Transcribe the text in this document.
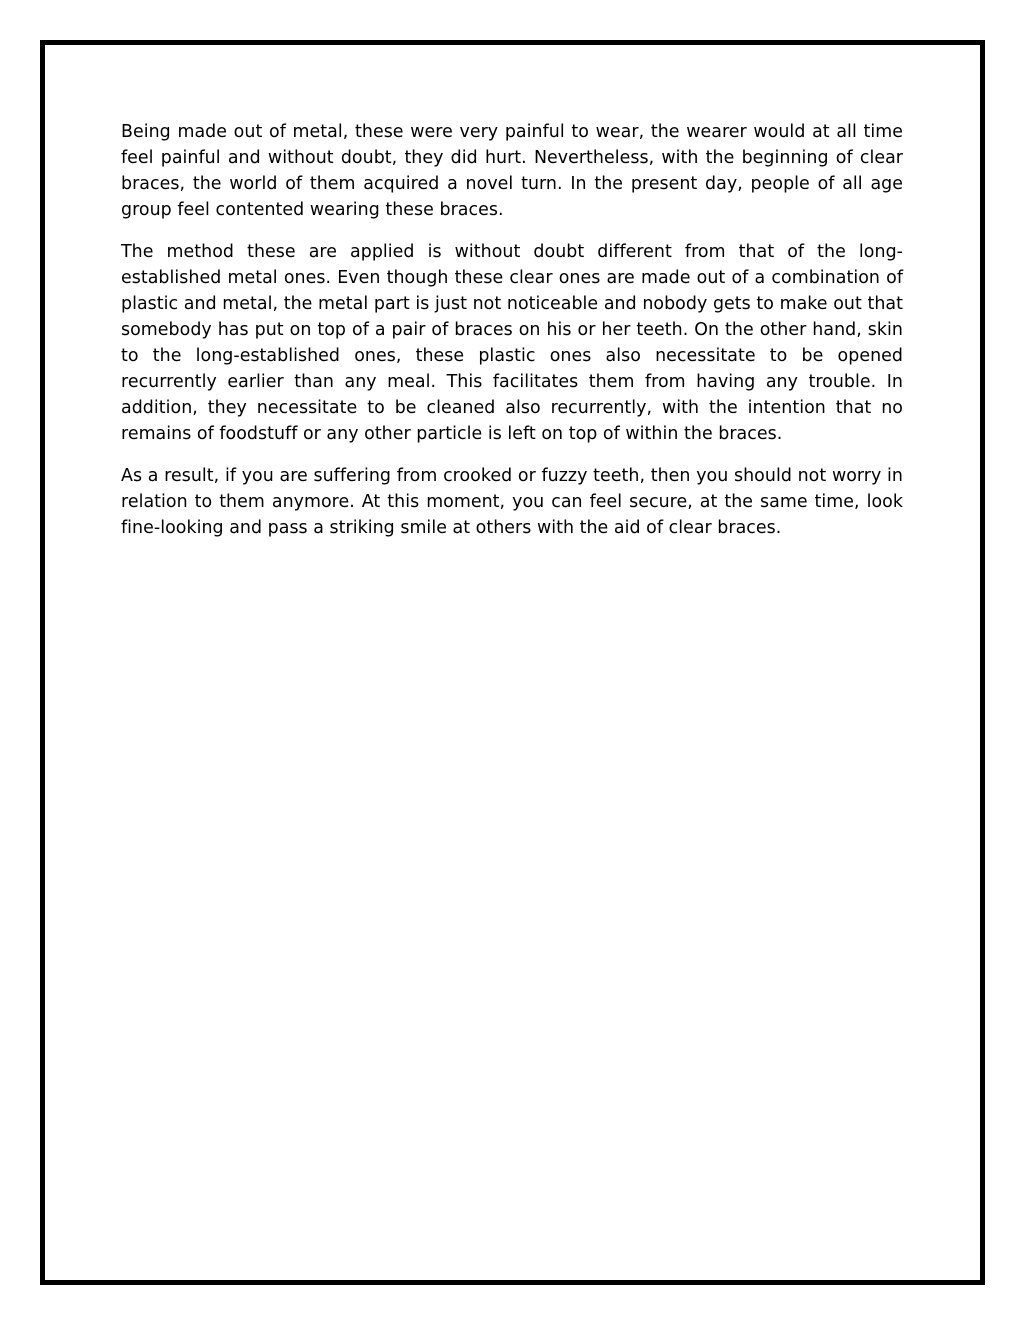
Being made out of metal, these were very painful to wear, the wearer would at all time feel painful and without doubt, they did hurt. Nevertheless, with the beginning of clear braces, the world of them acquired a novel turn. In the present day, people of all age group feel contented wearing these braces.

The method these are applied is without doubt different from that of the long-established metal ones. Even though these clear ones are made out of a combination of plastic and metal, the metal part is just not noticeable and nobody gets to make out that somebody has put on top of a pair of braces on his or her teeth. On the other hand, skin to the long-established ones, these plastic ones also necessitate to be opened recurrently earlier than any meal. This facilitates them from having any trouble. In addition, they necessitate to be cleaned also recurrently, with the intention that no remains of foodstuff or any other particle is left on top of within the braces.

As a result, if you are suffering from crooked or fuzzy teeth, then you should not worry in relation to them anymore. At this moment, you can feel secure, at the same time, look fine-looking and pass a striking smile at others with the aid of clear braces.
